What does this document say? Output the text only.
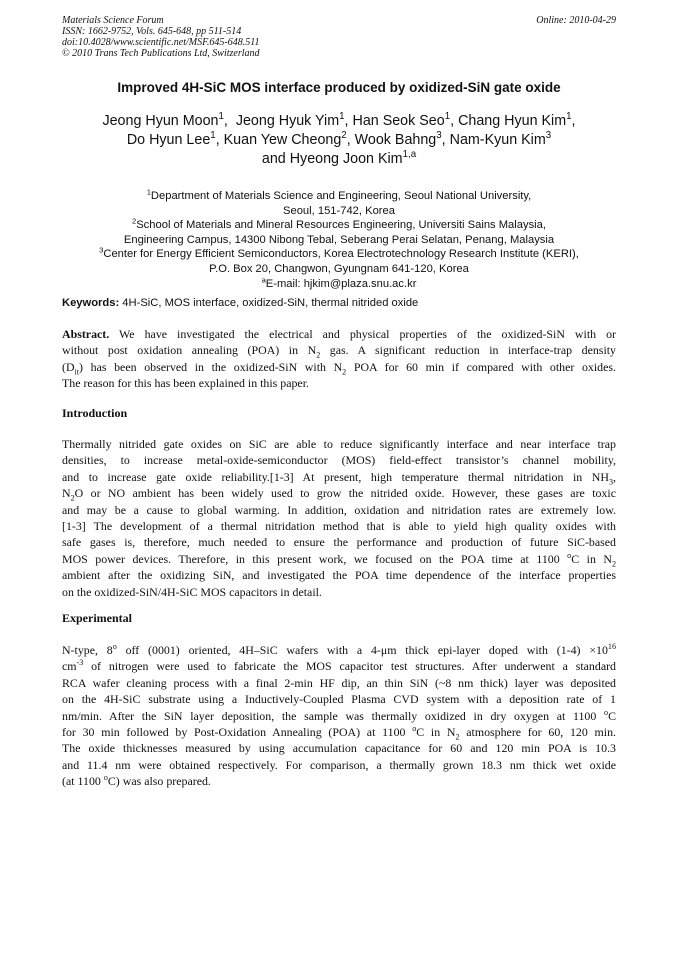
Materials Science Forum
ISSN: 1662-9752, Vols. 645-648, pp 511-514
doi:10.4028/www.scientific.net/MSF.645-648.511
© 2010 Trans Tech Publications Ltd, Switzerland
Online: 2010-04-29
Improved 4H-SiC MOS interface produced by oxidized-SiN gate oxide
Jeong Hyun Moon$^1$,  Jeong Hyuk Yim$^1$, Han Seok Seo$^1$, Chang Hyun Kim$^1$,
Do Hyun Lee$^1$, Kuan Yew Cheong$^2$, Wook Bahng$^3$, Nam-Kyun Kim$^3$
and Hyeong Joon Kim$^{1,a}$
$^1$Department of Materials Science and Engineering, Seoul National University,
Seoul, 151-742, Korea
$^2$School of Materials and Mineral Resources Engineering, Universiti Sains Malaysia,
Engineering Campus, 14300 Nibong Tebal, Seberang Perai Selatan, Penang, Malaysia
$^3$Center for Energy Efficient Semiconductors, Korea Electrotechnology Research Institute (KERI),
P.O. Box 20, Changwon, Gyungnam 641-120, Korea
$^a$E-mail: hjkim@plaza.snu.ac.kr
Keywords: 4H-SiC, MOS interface, oxidized-SiN, thermal nitrided oxide
Abstract. We have investigated the electrical and physical properties of the oxidized-SiN with or
without post oxidation annealing (POA) in $N_2$ gas. A significant reduction in interface-trap density
$(D_{it})$ has been observed in the oxidized-SiN with $N_2$ POA for 60 min if compared with other oxides.
The reason for this has been explained in this paper.
Introduction
Thermally nitrided gate oxides on SiC are able to reduce significantly interface and near interface trap
densities, to increase metal-oxide-semiconductor (MOS) field-effect transistor’s channel mobility,
and to increase gate oxide reliability.[1-3] At present, high temperature thermal nitridation in $NH_3$,
$N_2O$ or NO ambient has been widely used to grow the nitrided oxide. However, these gases are toxic
and may be a cause to global warming. In addition, oxidation and nitridation rates are extremely low.
[1-3] The development of a thermal nitridation method that is able to yield high quality oxides with
safe gases is, therefore, much needed to ensure the performance and production of future SiC-based
MOS power devices. Therefore, in this present work, we focused on the POA time at 1100 $^o$C in $N_2$
ambient after the oxidizing SiN, and investigated the POA time dependence of the interface properties
on the oxidized-SiN/4H-SiC MOS capacitors in detail.
Experimental
N-type, 8$^o$ off (0001) oriented, 4H–SiC wafers with a 4-μm thick epi-layer doped with $(1-4) \times 10^{16}$
$cm^{-3}$ of nitrogen were used to fabricate the MOS capacitor test structures. After underwent a standard
RCA wafer cleaning process with a final 2-min HF dip, an thin SiN (~8 nm thick) layer was deposited
on the 4H-SiC substrate using a Inductively-Coupled Plasma CVD system with a deposition rate of 1
nm/min. After the SiN layer deposition, the sample was thermally oxidized in dry oxygen at 1100 $^o$C
for 30 min followed by Post-Oxidation Annealing (POA) at 1100 $^o$C in $N_2$ atmosphere for 60, 120 min.
The oxide thicknesses measured by using accumulation capacitance for 60 and 120 min POA is 10.3
and 11.4 nm were obtained respectively. For comparison, a thermally grown 18.3 nm thick wet oxide
(at 1100 $^o$C) was also prepared.
